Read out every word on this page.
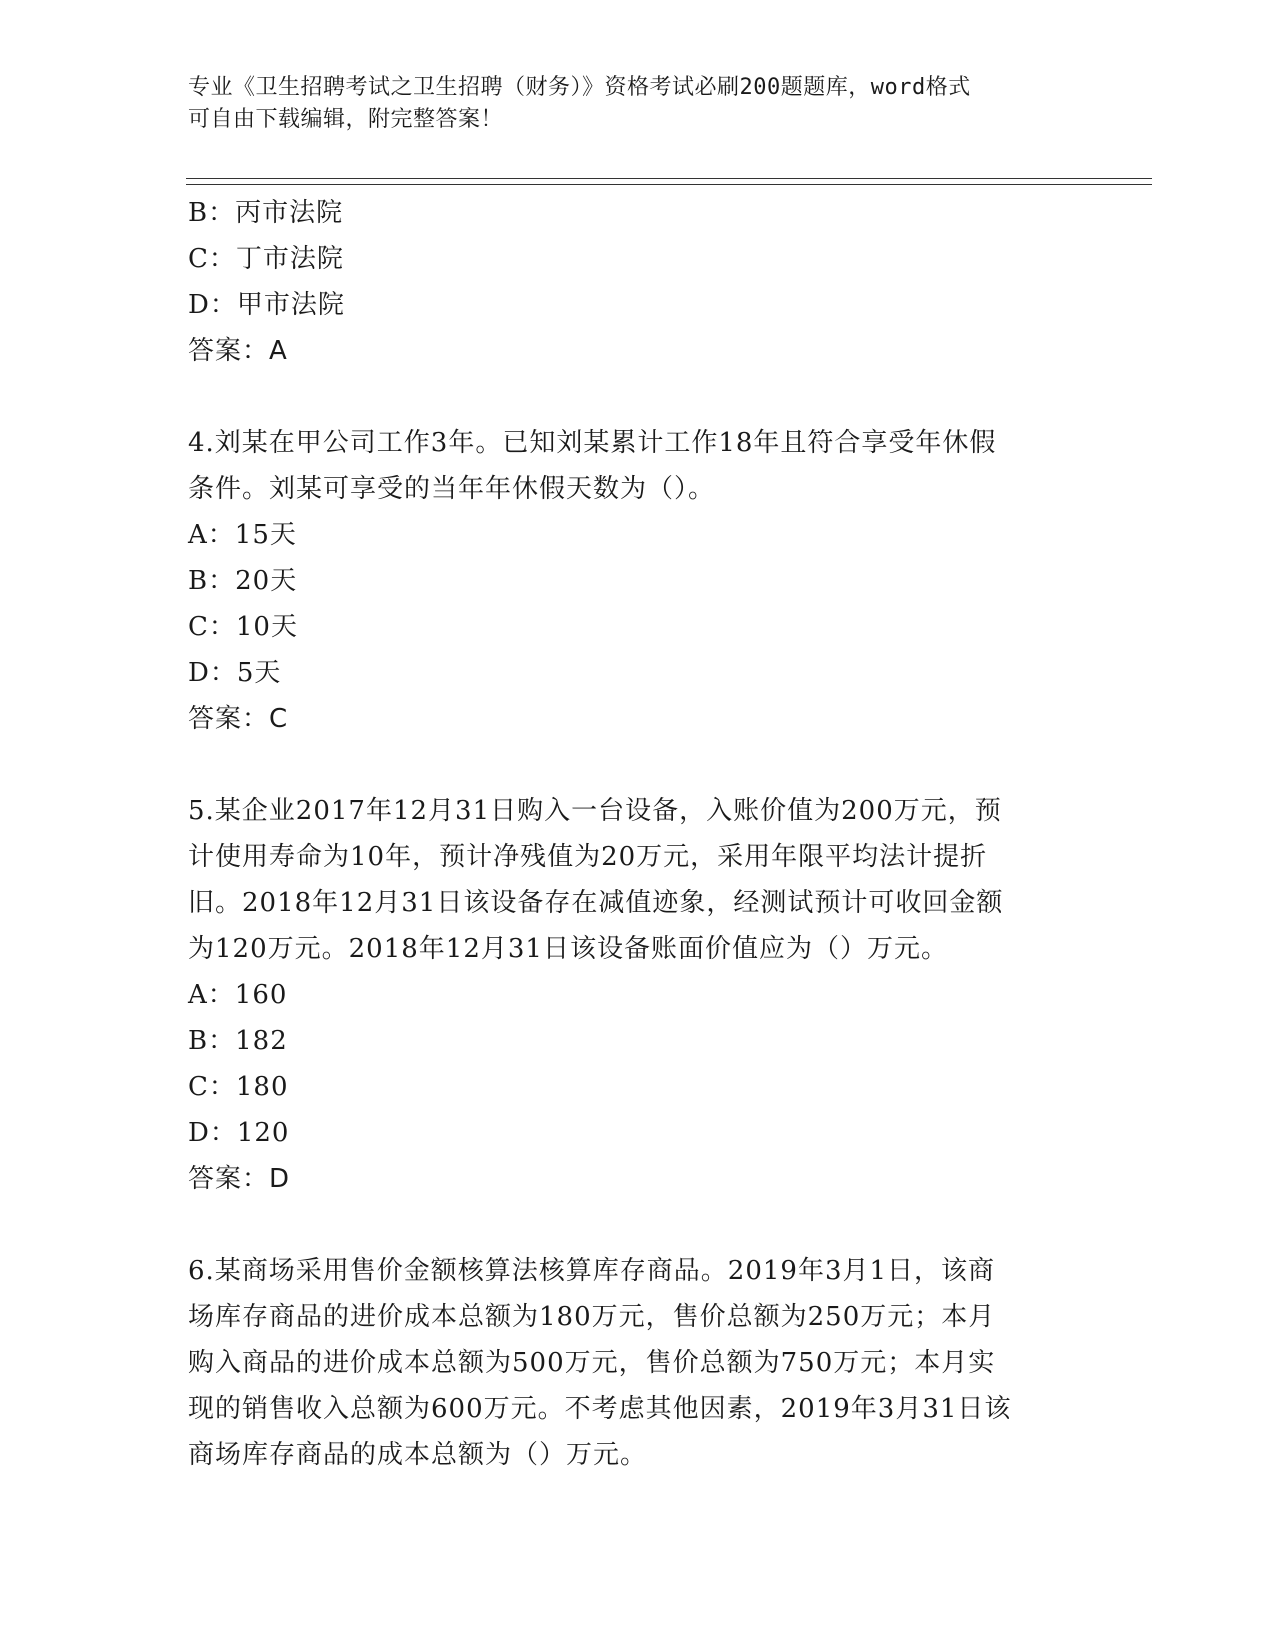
专业《卫生招聘考试之卫生招聘（财务）》资格考试必刷200题题库，word格式
可自由下载编辑，附完整答案！
B：丙市法院
C：丁市法院
D：甲市法院
答案：A
4.刘某在甲公司工作3年。已知刘某累计工作18年且符合享受年休假
条件。刘某可享受的当年年休假天数为（）。
A：15天
B：20天
C：10天
D：5天
答案：C
5.某企业2017年12月31日购入一台设备，入账价值为200万元，预
计使用寿命为10年，预计净残值为20万元，采用年限平均法计提折
旧。2018年12月31日该设备存在减值迹象，经测试预计可收回金额
为120万元。2018年12月31日该设备账面价值应为（）万元。
A：160
B：182
C：180
D：120
答案：D
6.某商场采用售价金额核算法核算库存商品。2019年3月1日，该商
场库存商品的进价成本总额为180万元，售价总额为250万元；本月
购入商品的进价成本总额为500万元，售价总额为750万元；本月实
现的销售收入总额为600万元。不考虑其他因素，2019年3月31日该
商场库存商品的成本总额为（）万元。
